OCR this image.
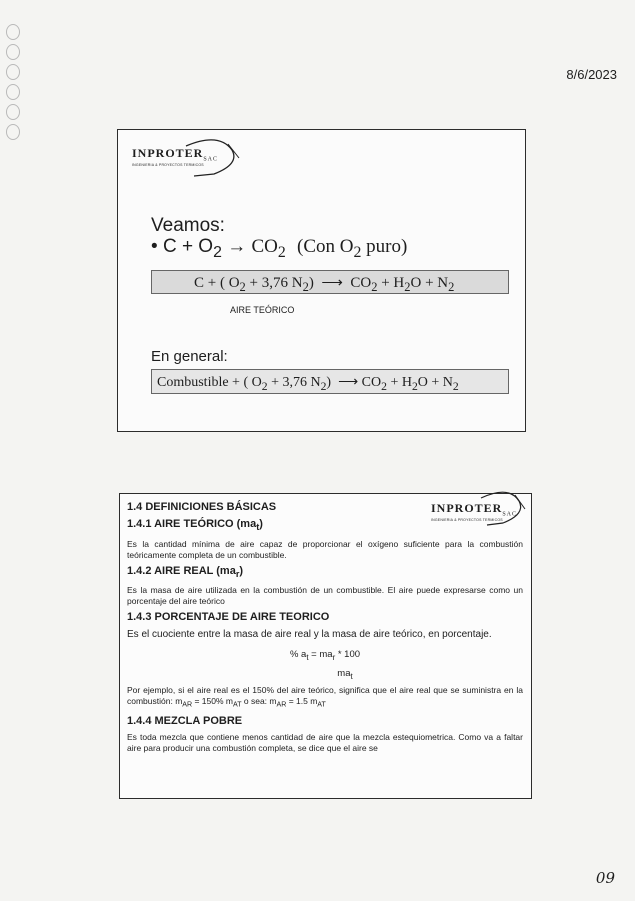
8/6/2023
$INPROTER_{SAC}$
INGENIERIA & PROYECTOS TERMICOS
Veamos:
• $C + O_2 \to CO_2$ (Con $O_2$ puro)
C + ( $O_2 + 3,76$ $N_2$) ⟶ $CO_2 + H_2O + N_2$
AIRE TEÓRICO
En general:
Combustible + ( $O_2 + 3,76$ $N_2$) ⟶ $CO_2 + H_2O + N_2$
$INPROTER_{SAC}$
INGENIERIA & PROYECTOS TERMICOS

1.4 DEFINICIONES BÁSICAS

1.4.1 AIRE TEÓRICO $(ma_t)$

Es la cantidad mínima de aire capaz de proporcionar el oxígeno suficiente para la combustión teóricamente completa de un combustible.

1.4.2 AIRE REAL $(ma_r)$

Es la masa de aire utilizada en la combustión de un combustible. El aire puede expresarse como un porcentaje del aire teórico

1.4.3 PORCENTAJE DE AIRE TEORICO

Es el cuociente entre la masa de aire real y la masa de aire teórico, en porcentaje.

% $a_t = ma_r * 100$
$ma_t$

Por ejemplo, si el aire real es el 150% del aire teórico, significa que el aire real que se suministra en la combustión: $m_{AR} = 150\%$ $m_{AT}$ o sea: $m_{AR} = 1.5$ $m_{AT}$

1.4.4 MEZCLA POBRE

Es toda mezcla que contiene menos cantidad de aire que la mezcla estequiometrica. Como va a faltar aire para producir una combustión completa, se dice que el aire se

09
